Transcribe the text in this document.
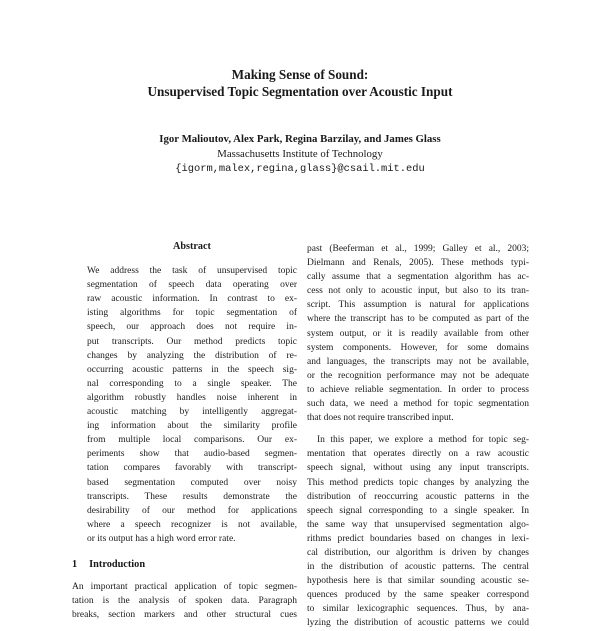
Making Sense of Sound:
Unsupervised Topic Segmentation over Acoustic Input
Igor Malioutov, Alex Park, Regina Barzilay, and James Glass
Massachusetts Institute of Technology
{igorm,malex,regina,glass}@csail.mit.edu
Abstract
We address the task of unsupervised topic
segmentation of speech data operating over
raw acoustic information. In contrast to ex-
isting algorithms for topic segmentation of
speech, our approach does not require in-
put transcripts. Our method predicts topic
changes by analyzing the distribution of re-
occurring acoustic patterns in the speech sig-
nal corresponding to a single speaker. The
algorithm robustly handles noise inherent in
acoustic matching by intelligently aggregat-
ing information about the similarity profile
from multiple local comparisons. Our ex-
periments show that audio-based segmen-
tation compares favorably with transcript-
based segmentation computed over noisy
transcripts. These results demonstrate the
desirability of our method for applications
where a speech recognizer is not available,
or its output has a high word error rate.
1 Introduction
An important practical application of topic segmen-
tation is the analysis of spoken data. Paragraph
breaks, section markers and other structural cues
past (Beeferman et al., 1999; Galley et al., 2003;
Dielmann and Renals, 2005). These methods typi-
cally assume that a segmentation algorithm has ac-
cess not only to acoustic input, but also to its tran-
script. This assumption is natural for applications
where the transcript has to be computed as part of the
system output, or it is readily available from other
system components. However, for some domains
and languages, the transcripts may not be available,
or the recognition performance may not be adequate
to achieve reliable segmentation. In order to process
such data, we need a method for topic segmentation
that does not require transcribed input.
In this paper, we explore a method for topic seg-
mentation that operates directly on a raw acoustic
speech signal, without using any input transcripts.
This method predicts topic changes by analyzing the
distribution of reoccurring acoustic patterns in the
speech signal corresponding to a single speaker. In
the same way that unsupervised segmentation algo-
rithms predict boundaries based on changes in lexi-
cal distribution, our algorithm is driven by changes
in the distribution of acoustic patterns. The central
hypothesis here is that similar sounding acoustic se-
quences produced by the same speaker correspond
to similar lexicographic sequences. Thus, by ana-
lyzing the distribution of acoustic patterns we could
